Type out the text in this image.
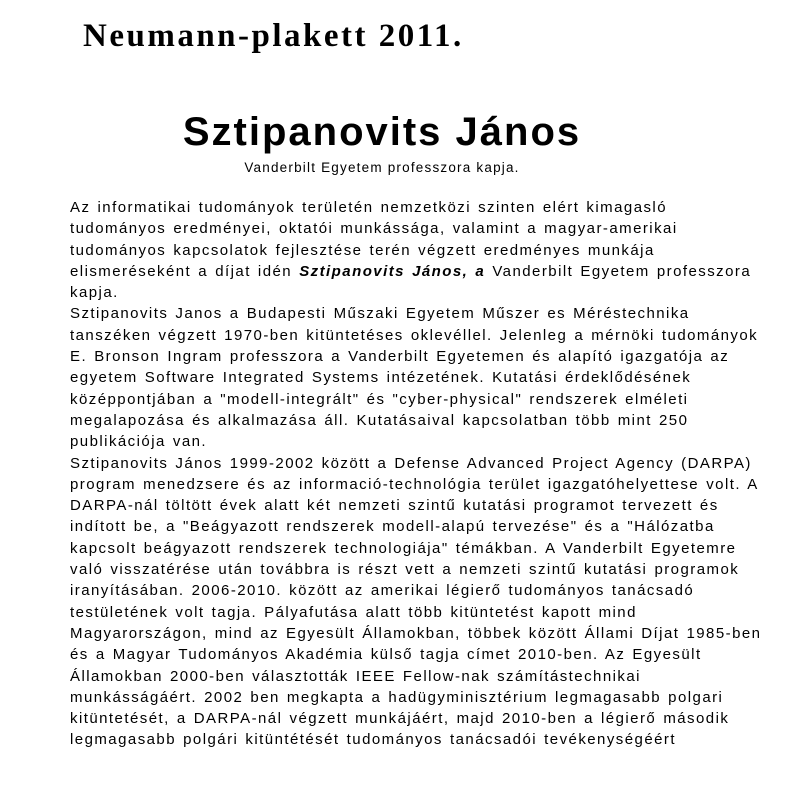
Neumann-plakett 2011.
Sztipanovits János
Vanderbilt Egyetem professzora kapja.

Az informatikai tudományok területén nemzetközi szinten elért kimagasló
tudományos eredményei, oktatói munkássága, valamint a magyar-amerikai
tudományos kapcsolatok fejlesztése terén végzett eredményes munkája
elismeréseként a díjat idén Sztipanovits János, a Vanderbilt Egyetem professzora
kapja.

Sztipanovits Janos a Budapesti Műszaki Egyetem Műszer es Méréstechnika
tanszéken végzett 1970-ben kitüntetéses oklevéllel. Jelenleg a mérnöki tudományok
E. Bronson Ingram professzora a Vanderbilt Egyetemen és alapító igazgatója az
egyetem Software Integrated Systems intézetének. Kutatási érdeklődésének
középpontjában a "modell-integrált" és "cyber-physical" rendszerek elméleti
megalapozása és alkalmazása áll. Kutatásaival kapcsolatban több mint 250
publikációja van.

Sztipanovits János 1999-2002 között a Defense Advanced Project Agency (DARPA)
program menedzsere és az informació-technológia terület igazgatóhelyettese volt. A
DARPA-nál töltött évek alatt két nemzeti szintű kutatási programot tervezett és
indított be, a "Beágyazott rendszerek modell-alapú tervezése" és a "Hálózatba
kapcsolt beágyazott rendszerek technologiája" témákban. A Vanderbilt Egyetemre
való visszatérése után továbbra is részt vett a nemzeti szintű kutatási programok
iranyításában. 2006-2010. között az amerikai légierő tudományos tanácsadó
testületének volt tagja. Pályafutása alatt több kitüntetést kapott mind
Magyarországon, mind az Egyesült Államokban, többek között Állami Díjat 1985-ben
és a Magyar Tudományos Akadémia külső tagja címet 2010-ben. Az Egyesült
Államokban 2000-ben választották IEEE Fellow-nak számítástechnikai
munkásságáért. 2002 ben megkapta a hadügyminisztérium legmagasabb polgari
kitüntetését, a DARPA-nál végzett munkájáért, majd 2010-ben a légierő második
legmagasabb polgári kitüntétését tudományos tanácsadói tevékenységéért
